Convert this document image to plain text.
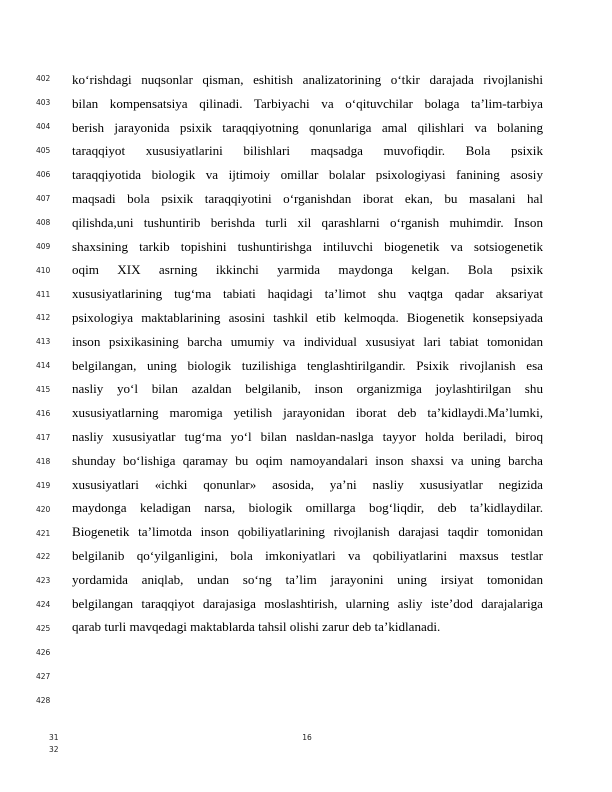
402
403
404
405
406
407
408
409
410
411
412
413
414
415
416
417
418
419
420
421
422
423
424
425
426
427
428
ko‘rishdagi nuqsonlar qisman, eshitish analizatorining o‘tkir darajada rivojlanishi
bilan kompensatsiya qilinadi. Tarbiyachi va o‘qituvchilar bolaga ta’lim-tarbiya
berish jarayonida psixik taraqqiyotning qonunlariga amal qilishlari va bolaning
taraqqiyot xususiyatlarini bilishlari maqsadga muvofiqdir. Bola psixik
taraqqiyotida biologik va ijtimoiy omillar bolalar psixologiyasi fanining asosiy
maqsadi bola psixik taraqqiyotini o‘rganishdan iborat ekan, bu masalani hal
qilishda,uni tushuntirib berishda turli xil qarashlarni o‘rganish muhimdir. Inson
shaxsining tarkib topishini tushuntirishga intiluvchi biogenetik va sotsiogenetik
oqim XIX asrning ikkinchi yarmida maydonga kelgan. Bola psixik
xususiyatlarining tug‘ma tabiati haqidagi ta’limot shu vaqtga qadar aksariyat
psixologiya maktablarining asosini tashkil etib kelmoqda. Biogenetik konsepsiyada
inson psixikasining barcha umumiy va individual xususiyat lari tabiat tomonidan
belgilangan, uning biologik tuzilishiga tenglashtirilgandir. Psixik rivojlanish esa
nasliy yo‘l bilan azaldan belgilanib, inson organizmiga joylashtirilgan shu
xususiyatlarning maromiga yetilish jarayonidan iborat deb ta’kidlaydi.Ma’lumki,
nasliy xususiyatlar tug‘ma yo‘l bilan nasldan-naslga tayyor holda beriladi, biroq
shunday bo‘lishiga qaramay bu oqim namoyandalari inson shaxsi va uning barcha
xususiyatlari «ichki qonunlar» asosida, ya’ni nasliy xususiyatlar negizida
maydonga keladigan narsa, biologik omillarga bog‘liqdir, deb ta’kidlaydilar.
Biogenetik ta’limotda inson qobiliyatlarining rivojlanish darajasi taqdir tomonidan
belgilanib qo‘yilganligini, bola imkoniyatlari va qobiliyatlarini maxsus testlar
yordamida aniqlab, undan so‘ng ta’lim jarayonini uning irsiyat tomonidan
belgilangan taraqqiyot darajasiga moslashtirish, ularning asliy iste’dod darajalariga
qarab turli mavqedagi maktablarda tahsil olishi zarur deb ta’kidlanadi.
31
32
16
